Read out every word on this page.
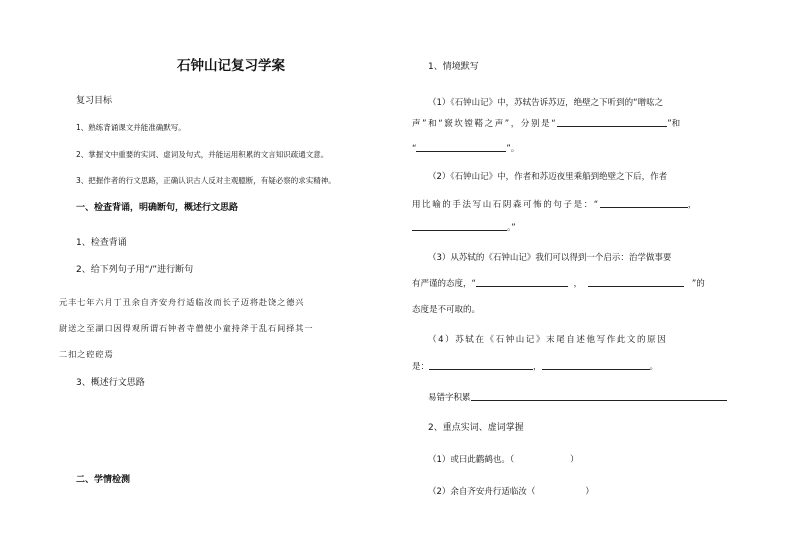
石钟山记复习学案
复习目标
1、熟练背诵课文并能准确默写。
2、掌握文中重要的实词、虚词及句式，并能运用积累的文言知识疏通文意。
3、把握作者的行文思路，正确认识古人反对主观臆断，有疑必察的求实精神。
一、检查背诵，明确断句，概述行文思路
1、检查背诵
2、给下列句子用“/”进行断句
元丰七年六月丁丑余自齐安舟行适临汝而长子迈将赴饶之德兴
尉送之至湖口因得观所谓石钟者寺僧使小童持斧于乱石间择其一
二扣之硿硿焉
3、概述行文思路
二、学情检测
1、情境默写
（1）《石钟山记》中，苏轼告诉苏迈，绝壁之下听到的“噌吰之
声”和“窾坎镗鞳之声”，分别是“	”和
“	”。
（2）《石钟山记》中，作者和苏迈夜里乘船到绝壁之下后，作者
用比喻的手法写山石阴森可怖的句子是：“	，
。”
（3）从苏轼的《石钟山记》我们可以得到一个启示：治学做事要
有严谨的态度，“	，	”的
态度是不可取的。
（4）苏轼在《石钟山记》末尾自述他写作此文的原因
是：	，	。
易错字积累
2、重点实词、虚词掌握
（1）或曰此鹳鹤也。（	）
（2）余自齐安舟行适临汝（	）
